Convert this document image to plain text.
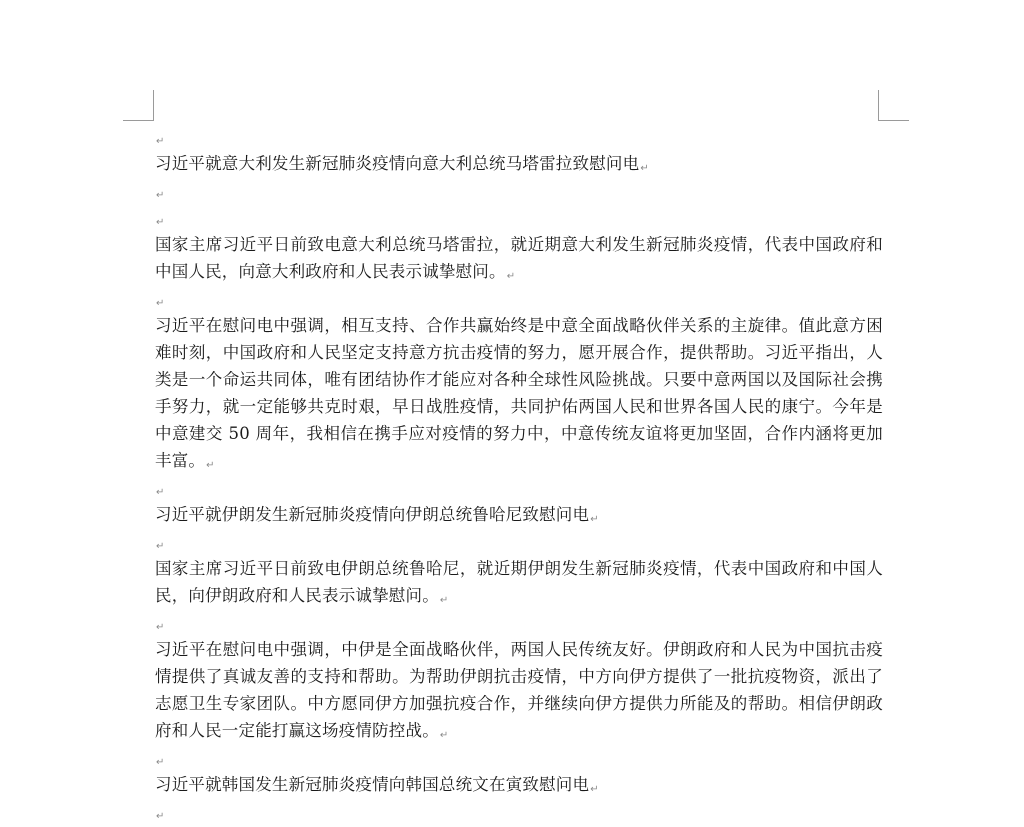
↵

习近平就意大利发生新冠肺炎疫情向意大利总统马塔雷拉致慰问电↵

↵

↵

国家主席习近平日前致电意大利总统马塔雷拉，就近期意大利发生新冠肺炎疫情，代表中国政府和中国人民，向意大利政府和人民表示诚挚慰问。↵

↵

习近平在慰问电中强调，相互支持、合作共赢始终是中意全面战略伙伴关系的主旋律。值此意方困难时刻，中国政府和人民坚定支持意方抗击疫情的努力，愿开展合作，提供帮助。习近平指出，人类是一个命运共同体，唯有团结协作才能应对各种全球性风险挑战。只要中意两国以及国际社会携手努力，就一定能够共克时艰，早日战胜疫情，共同护佑两国人民和世界各国人民的康宁。今年是中意建交 50 周年，我相信在携手应对疫情的努力中，中意传统友谊将更加坚固，合作内涵将更加丰富。↵

↵

习近平就伊朗发生新冠肺炎疫情向伊朗总统鲁哈尼致慰问电↵

↵

国家主席习近平日前致电伊朗总统鲁哈尼，就近期伊朗发生新冠肺炎疫情，代表中国政府和中国人民，向伊朗政府和人民表示诚挚慰问。↵

↵

习近平在慰问电中强调，中伊是全面战略伙伴，两国人民传统友好。伊朗政府和人民为中国抗击疫情提供了真诚友善的支持和帮助。为帮助伊朗抗击疫情，中方向伊方提供了一批抗疫物资，派出了志愿卫生专家团队。中方愿同伊方加强抗疫合作，并继续向伊方提供力所能及的帮助。相信伊朗政府和人民一定能打赢这场疫情防控战。↵

↵

习近平就韩国发生新冠肺炎疫情向韩国总统文在寅致慰问电↵

↵
